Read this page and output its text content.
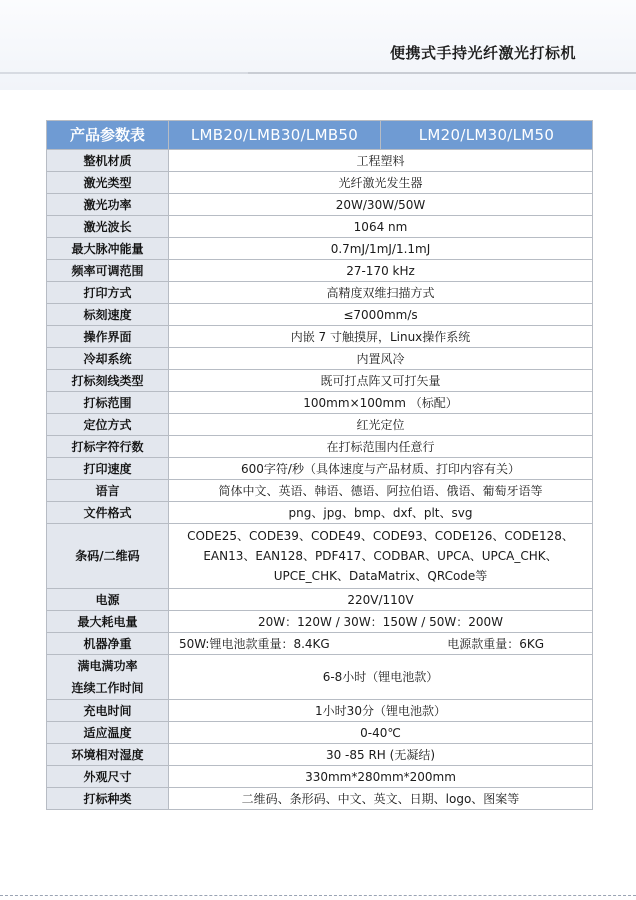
便携式手持光纤激光打标机
产品参数表	LMB20/LMB30/LMB50	LM20/LM30/LM50
整机材质	工程塑料	
激光类型	光纤激光发生器	
激光功率	20W/30W/50W	
激光波长	1064 nm	
最大脉冲能量	0.7mJ/1mJ/1.1mJ	
频率可调范围	27-170 kHz	
打印方式	高精度双维扫描方式	
标刻速度	≤7000mm/s	
操作界面	内嵌 7 寸触摸屏，Linux操作系统	
冷却系统	内置风冷	
打标刻线类型	既可打点阵又可打矢量	
打标范围	100mm×100mm （标配）	
定位方式	红光定位	
打标字符行数	在打标范围内任意行	
打印速度	600字符/秒（具体速度与产品材质、打印内容有关）	
语言	简体中文、英语、韩语、德语、阿拉伯语、俄语、葡萄牙语等	
文件格式	png、jpg、bmp、dxf、plt、svg	
条码/二维码	CODE25、CODE39、CODE49、CODE93、CODE126、CODE128、
EAN13、EAN128、PDF417、CODBAR、UPCA、UPCA_CHK、
UPCE_CHK、DataMatrix、QRCode等	

电源	220V/110V	
最大耗电量	20W：120W / 30W：150W / 50W：200W	
机器净重	50W:锂电池款重量：8.4KG 电源款重量：6KG	

满电满功率
连续工作时间	6-8小时（锂电池款）	
充电时间	1小时30分（锂电池款）	
适应温度	0-40℃	
环境相对湿度	30 -85 RH (无凝结)	
外观尺寸	330mm*280mm*200mm	
打标种类	二维码、条形码、中文、英文、日期、logo、图案等	
